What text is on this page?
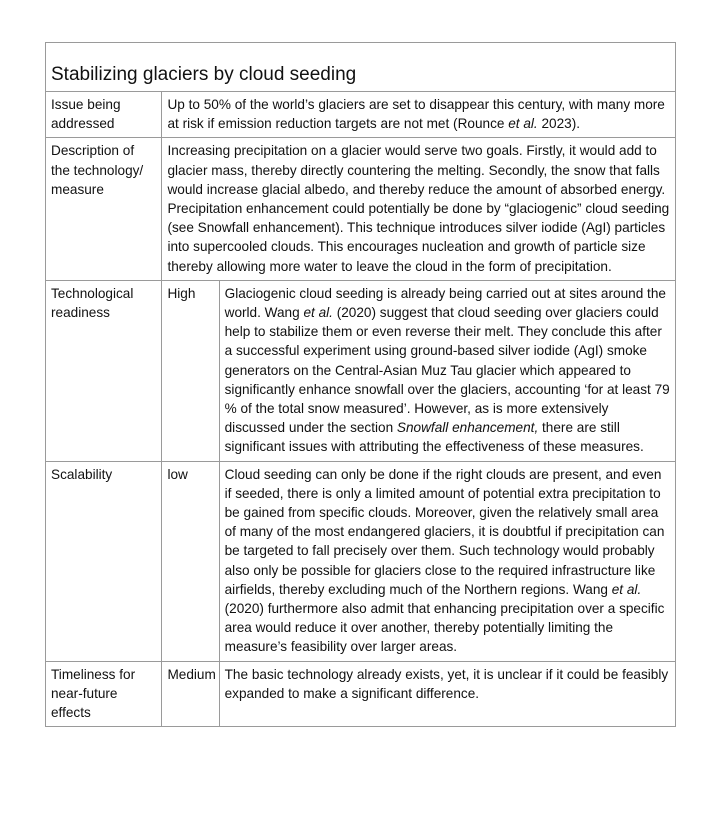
Stabilizing glaciers by cloud seeding		
Issue being addressed	Up to 50% of the world’s glaciers are set to disappear this century, with many more at risk if emission reduction targets are not met (Rounce et al. 2023).	
Description of the technology/ measure	Increasing precipitation on a glacier would serve two goals. Firstly, it would add to glacier mass, thereby directly countering the melting. Secondly, the snow that falls would increase glacial albedo, and thereby reduce the amount of absorbed energy. Precipitation enhancement could potentially be done by “glaciogenic” cloud seeding (see Snowfall enhancement). This technique introduces silver iodide (AgI) particles into supercooled clouds. This encourages nucleation and growth of particle size thereby allowing more water to leave the cloud in the form of precipitation.	
Technological readiness	High	Glaciogenic cloud seeding is already being carried out at sites around the world. Wang et al. (2020) suggest that cloud seeding over glaciers could help to stabilize them or even reverse their melt. They conclude this after a successful experiment using ground-based silver iodide (AgI) smoke generators on the Central-Asian Muz Tau glacier which appeared to significantly enhance snowfall over the glaciers, accounting ‘for at least 79 % of the total snow measured’. However, as is more extensively discussed under the section Snowfall enhancement, there are still significant issues with attributing the effectiveness of these measures.
Scalability	low	Cloud seeding can only be done if the right clouds are present, and even if seeded, there is only a limited amount of potential extra precipitation to be gained from specific clouds. Moreover, given the relatively small area of many of the most endangered glaciers, it is doubtful if precipitation can be targeted to fall precisely over them. Such technology would probably also only be possible for glaciers close to the required infrastructure like airfields, thereby excluding much of the Northern regions. Wang et al. (2020) furthermore also admit that enhancing precipitation over a specific area would reduce it over another, thereby potentially limiting the measure’s feasibility over larger areas.
Timeliness for near-future effects	Medium	The basic technology already exists, yet, it is unclear if it could be feasibly expanded to make a significant difference.
